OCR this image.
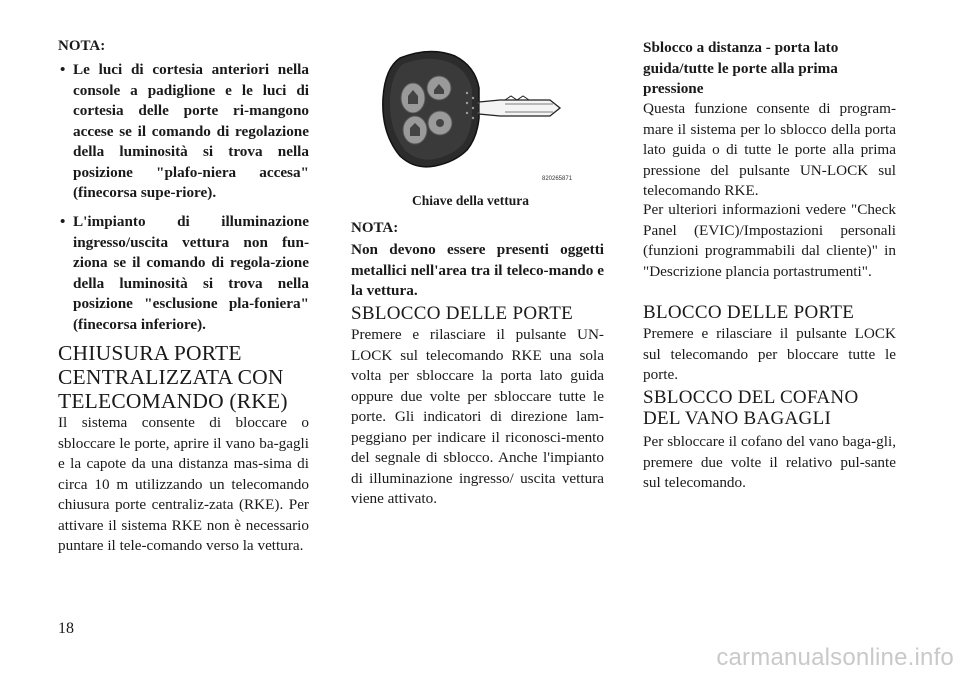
NOTA:
• Le luci di cortesia anteriori nella console a padiglione e le luci di cortesia delle porte ri-mangono accese se il comando di regolazione della luminosità si trova nella posizione "plafo-niera accesa" (finecorsa supe-riore).
• L'impianto di illuminazione ingresso/uscita vettura non fun-ziona se il comando di regola-zione della luminosità si trova nella posizione "esclusione pla-foniera" (finecorsa inferiore).
CHIUSURA PORTE
CENTRALIZZATA CON
TELECOMANDO (RKE)

Il sistema consente di bloccare o sbloccare le porte, aprire il vano ba-gagli e la capote da una distanza mas-sima di circa 10 m utilizzando un telecomando chiusura porte centraliz-zata (RKE). Per attivare il sistema RKE non è necessario puntare il tele-comando verso la vettura.

820265871
Chiave della vettura
NOTA:

Non devono essere presenti oggetti metallici nell'area tra il teleco-mando e la vettura.

SBLOCCO DELLE PORTE

Premere e rilasciare il pulsante UN-LOCK sul telecomando RKE una sola volta per sbloccare la porta lato guida oppure due volte per sbloccare tutte le porte. Gli indicatori di direzione lam-peggiano per indicare il riconosci-mento del segnale di sblocco. Anche l'impianto di illuminazione ingresso/ uscita vettura viene attivato.

Sblocco a distanza - porta lato guida/tutte le porte alla prima pressione

Questa funzione consente di program-mare il sistema per lo sblocco della porta lato guida o di tutte le porte alla prima pressione del pulsante UN-LOCK sul telecomando RKE.

Per ulteriori informazioni vedere "Check Panel (EVIC)/Impostazioni personali (funzioni programmabili dal cliente)" in "Descrizione plancia portastrumenti".

BLOCCO DELLE PORTE

Premere e rilasciare il pulsante LOCK sul telecomando per bloccare tutte le porte.

SBLOCCO DEL COFANO
DEL VANO BAGAGLI

Per sbloccare il cofano del vano baga-gli, premere due volte il relativo pul-sante sul telecomando.

18
carmanualsonline.info
